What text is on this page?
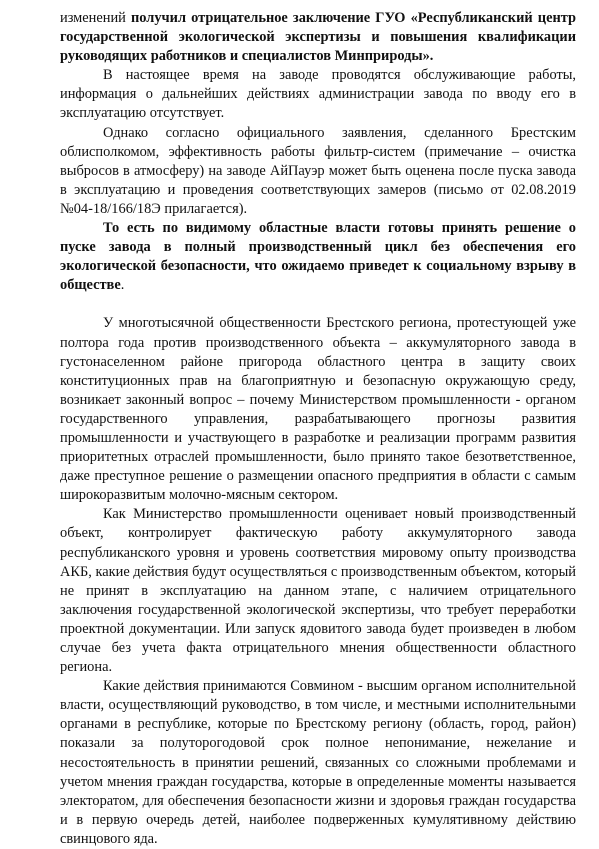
изменений получил отрицательное заключение ГУО «Республиканский центр государственной экологической экспертизы и повышения квалификации руководящих работников и специалистов Минприроды».

В настоящее время на заводе проводятся обслуживающие работы, информация о дальнейших действиях администрации завода по вводу его в эксплуатацию отсутствует.

Однако согласно официального заявления, сделанного Брестским облисполкомом, эффективность работы фильтр-систем (примечание – очистка выбросов в атмосферу) на заводе АйПауэр может быть оценена после пуска завода в эксплуатацию и проведения соответствующих замеров (письмо от 02.08.2019 №04-18/166/18Э прилагается).

То есть по видимому областные власти готовы принять решение о пуске завода в полный производственный цикл без обеспечения его экологической безопасности, что ожидаемо приведет к социальному взрыву в обществе.

У многотысячной общественности Брестского региона, протестующей уже полтора года против производственного объекта – аккумуляторного завода в густонаселенном районе пригорода областного центра в защиту своих конституционных прав на благоприятную и безопасную окружающую среду, возникает законный вопрос – почему Министерством промышленности - органом государственного управления, разрабатывающего прогнозы развития промышленности и участвующего в разработке и реализации программ развития приоритетных отраслей промышленности, было принято такое безответственное, даже преступное решение о размещении опасного предприятия в области с самым широкоразвитым молочно-мясным сектором.

Как Министерство промышленности оценивает новый производственный объект, контролирует фактическую работу аккумуляторного завода республиканского уровня и уровень соответствия мировому опыту производства АКБ, какие действия будут осуществляться с производственным объектом, который не принят в эксплуатацию на данном этапе, с наличием отрицательного заключения государственной экологической экспертизы, что требует переработки проектной документации. Или запуск ядовитого завода будет произведен в любом случае без учета факта отрицательного мнения общественности областного региона.

Какие действия принимаются Совмином - высшим органом исполнительной власти, осуществляющий руководство, в том числе, и местными исполнительными органами в республике, которые по Брестскому региону (область, город, район) показали за полуторогодовой срок полное непонимание, нежелание и несостоятельность в принятии решений, связанных со сложными проблемами и учетом мнения граждан государства, которые в определенные моменты называется электоратом, для обеспечения безопасности жизни и здоровья граждан государства и в первую очередь детей, наиболее подверженных кумулятивному действию свинцового яда.
